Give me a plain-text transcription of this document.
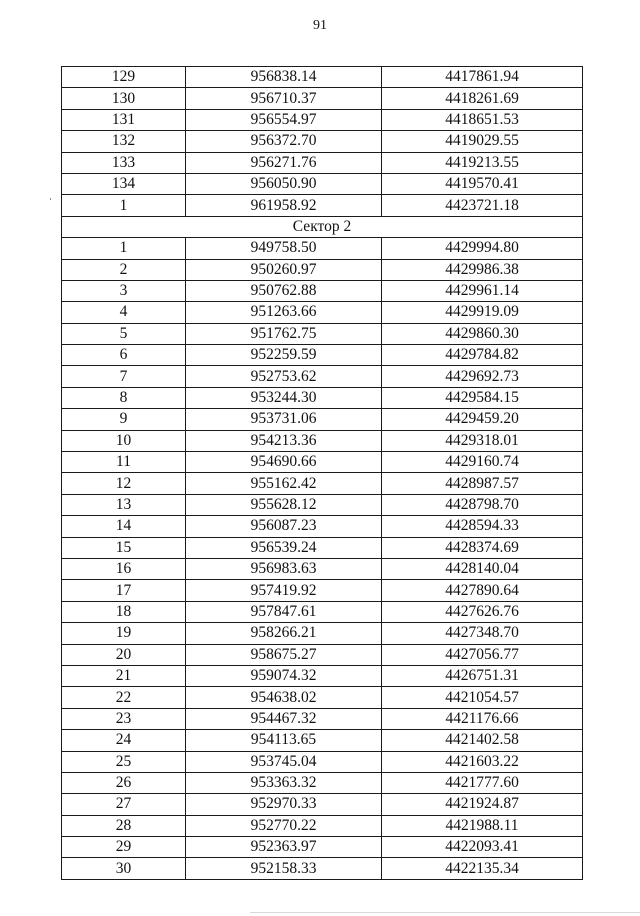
91
129	956838.14	4417861.94
130	956710.37	4418261.69
131	956554.97	4418651.53
132	956372.70	4419029.55
133	956271.76	4419213.55
134	956050.90	4419570.41
1	961958.92	4423721.18
Сектор 2		
1	949758.50	4429994.80
2	950260.97	4429986.38
3	950762.88	4429961.14
4	951263.66	4429919.09
5	951762.75	4429860.30
6	952259.59	4429784.82
7	952753.62	4429692.73
8	953244.30	4429584.15
9	953731.06	4429459.20
10	954213.36	4429318.01
11	954690.66	4429160.74
12	955162.42	4428987.57
13	955628.12	4428798.70
14	956087.23	4428594.33
15	956539.24	4428374.69
16	956983.63	4428140.04
17	957419.92	4427890.64
18	957847.61	4427626.76
19	958266.21	4427348.70
20	958675.27	4427056.77
21	959074.32	4426751.31
22	954638.02	4421054.57
23	954467.32	4421176.66
24	954113.65	4421402.58
25	953745.04	4421603.22
26	953363.32	4421777.60
27	952970.33	4421924.87
28	952770.22	4421988.11
29	952363.97	4422093.41
30	952158.33	4422135.34
